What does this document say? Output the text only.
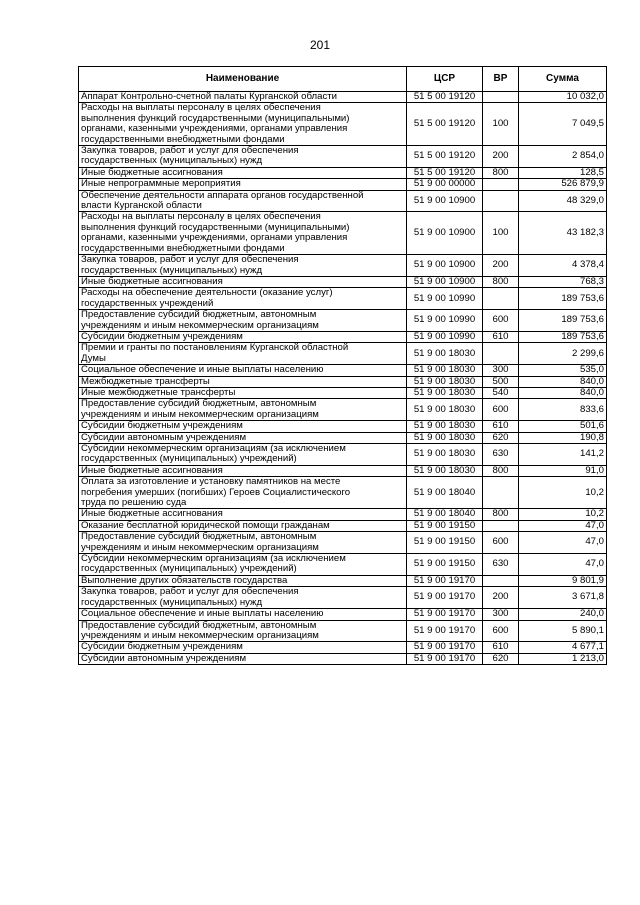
201
Наименование	ЦСР	ВР	Сумма
Аппарат Контрольно-счетной палаты Курганской области	51 5 00 19120		10 032,0
Расходы на выплаты персоналу в целях обеспечения
выполнения функций государственными (муниципальными)
органами, казенными учреждениями, органами управления
государственными внебюджетными фондами	51 5 00 19120	100	7 049,5
Закупка товаров, работ и услуг для обеспечения
государственных (муниципальных) нужд	51 5 00 19120	200	2 854,0
Иные бюджетные ассигнования	51 5 00 19120	800	128,5
Иные непрограммные мероприятия	51 9 00 00000		526 879,9
Обеспечение деятельности аппарата органов государственной
власти Курганской области	51 9 00 10900		48 329,0
Расходы на выплаты персоналу в целях обеспечения
выполнения функций государственными (муниципальными)
органами, казенными учреждениями, органами управления
государственными внебюджетными фондами	51 9 00 10900	100	43 182,3
Закупка товаров, работ и услуг для обеспечения
государственных (муниципальных) нужд	51 9 00 10900	200	4 378,4
Иные бюджетные ассигнования	51 9 00 10900	800	768,3
Расходы на обеспечение деятельности (оказание услуг)
государственных учреждений	51 9 00 10990		189 753,6
Предоставление субсидий бюджетным, автономным
учреждениям и иным некоммерческим организациям	51 9 00 10990	600	189 753,6
Субсидии бюджетным учреждениям	51 9 00 10990	610	189 753,6
Премии и гранты по постановлениям Курганской областной
Думы	51 9 00 18030		2 299,6
Социальное обеспечение и иные выплаты населению	51 9 00 18030	300	535,0
Межбюджетные трансферты	51 9 00 18030	500	840,0
Иные межбюджетные трансферты	51 9 00 18030	540	840,0
Предоставление субсидий бюджетным, автономным
учреждениям и иным некоммерческим организациям	51 9 00 18030	600	833,6
Субсидии бюджетным учреждениям	51 9 00 18030	610	501,6
Субсидии автономным учреждениям	51 9 00 18030	620	190,8
Субсидии некоммерческим организациям (за исключением
государственных (муниципальных) учреждений)	51 9 00 18030	630	141,2
Иные бюджетные ассигнования	51 9 00 18030	800	91,0
Оплата за изготовление и установку памятников на месте
погребения умерших (погибших) Героев Социалистического
труда по решению суда	51 9 00 18040		10,2
Иные бюджетные ассигнования	51 9 00 18040	800	10,2
Оказание бесплатной юридической помощи гражданам	51 9 00 19150		47,0
Предоставление субсидий бюджетным, автономным
учреждениям и иным некоммерческим организациям	51 9 00 19150	600	47,0
Субсидии некоммерческим организациям (за исключением
государственных (муниципальных) учреждений)	51 9 00 19150	630	47,0
Выполнение других обязательств государства	51 9 00 19170		9 801,9
Закупка товаров, работ и услуг для обеспечения
государственных (муниципальных) нужд	51 9 00 19170	200	3 671,8
Социальное обеспечение и иные выплаты населению	51 9 00 19170	300	240,0
Предоставление субсидий бюджетным, автономным
учреждениям и иным некоммерческим организациям	51 9 00 19170	600	5 890,1
Субсидии бюджетным учреждениям	51 9 00 19170	610	4 677,1
Субсидии автономным учреждениям	51 9 00 19170	620	1 213,0
